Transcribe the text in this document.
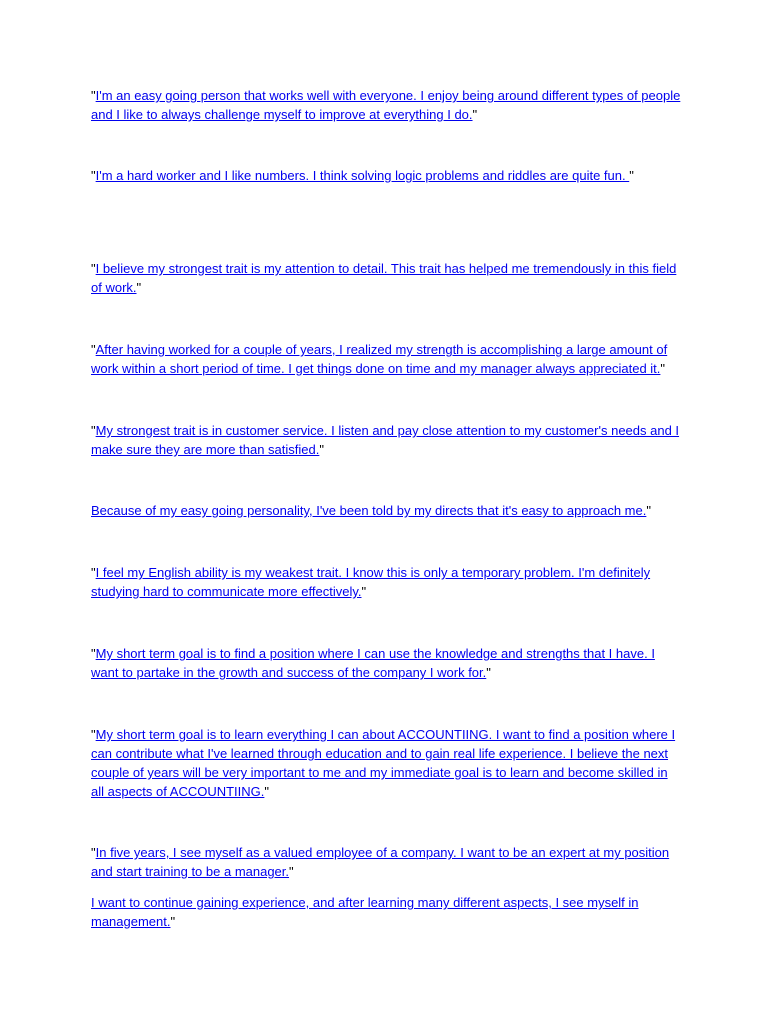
"I'm an easy going person that works well with everyone. I enjoy being around different types of people and I like to always challenge myself to improve at everything I do."

"I'm a hard worker and I like numbers. I think solving logic problems and riddles are quite fun. "

"I believe my strongest trait is my attention to detail. This trait has helped me tremendously in this field of work."

"After having worked for a couple of years, I realized my strength is accomplishing a large amount of work within a short period of time. I get things done on time and my manager always appreciated it."

"My strongest trait is in customer service. I listen and pay close attention to my customer's needs and I make sure they are more than satisfied."

Because of my easy going personality, I've been told by my directs that it's easy to approach me."

"I feel my English ability is my weakest trait. I know this is only a temporary problem. I'm definitely studying hard to communicate more effectively."

"My short term goal is to find a position where I can use the knowledge and strengths that I have. I want to partake in the growth and success of the company I work for."

"My short term goal is to learn everything I can about ACCOUNTIING. I want to find a position where I can contribute what I've learned through education and to gain real life experience. I believe the next couple of years will be very important to me and my immediate goal is to learn and become skilled in all aspects of ACCOUNTIING."

"In five years, I see myself as a valued employee of a company. I want to be an expert at my position and start training to be a manager."

I want to continue gaining experience, and after learning many different aspects, I see myself in management."
